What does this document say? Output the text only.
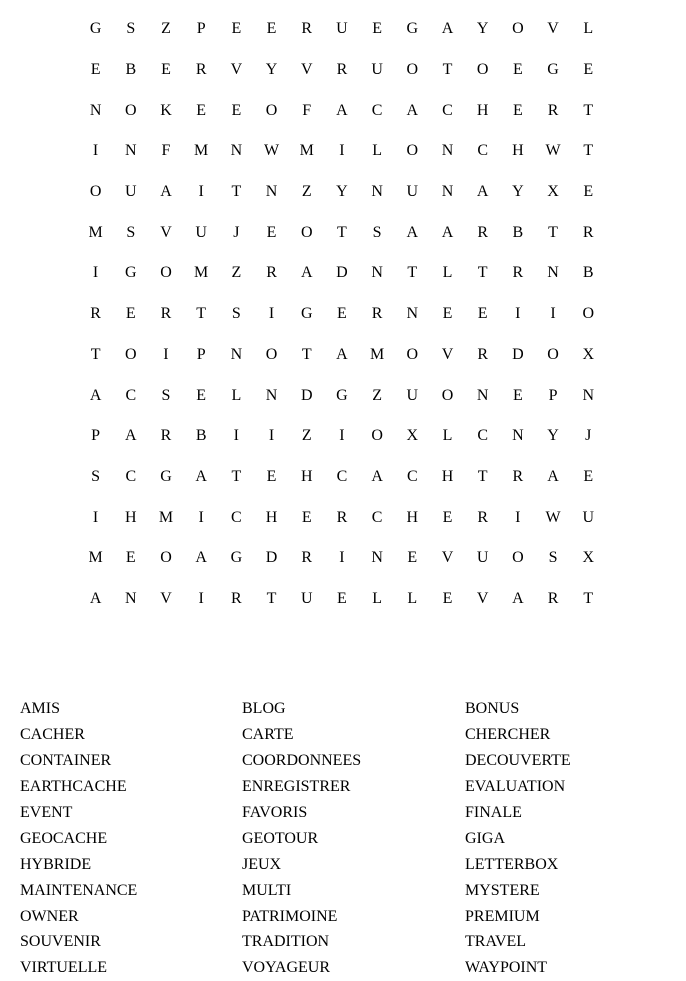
G	S	Z	P	E	E	R	U	E	G	A	Y	O	V	L
E	B	E	R	V	Y	V	R	U	O	T	O	E	G	E
N	O	K	E	E	O	F	A	C	A	C	H	E	R	T
I	N	F	M	N	W	M	I	L	O	N	C	H	W	T
O	U	A	I	T	N	Z	Y	N	U	N	A	Y	X	E
M	S	V	U	J	E	O	T	S	A	A	R	B	T	R
I	G	O	M	Z	R	A	D	N	T	L	T	R	N	B
R	E	R	T	S	I	G	E	R	N	E	E	I	I	O
T	O	I	P	N	O	T	A	M	O	V	R	D	O	X
A	C	S	E	L	N	D	G	Z	U	O	N	E	P	N
P	A	R	B	I	I	Z	I	O	X	L	C	N	Y	J
S	C	G	A	T	E	H	C	A	C	H	T	R	A	E
I	H	M	I	C	H	E	R	C	H	E	R	I	W	U
M	E	O	A	G	D	R	I	N	E	V	U	O	S	X
A	N	V	I	R	T	U	E	L	L	E	V	A	R	T
AMIS	BLOG	BONUS
CACHER	CARTE	CHERCHER
CONTAINER	COORDONNEES	DECOUVERTE
EARTHCACHE	ENREGISTRER	EVALUATION
EVENT	FAVORIS	FINALE
GEOCACHE	GEOTOUR	GIGA
HYBRIDE	JEUX	LETTERBOX
MAINTENANCE	MULTI	MYSTERE
OWNER	PATRIMOINE	PREMIUM
SOUVENIR	TRADITION	TRAVEL
VIRTUELLE	VOYAGEUR	WAYPOINT
